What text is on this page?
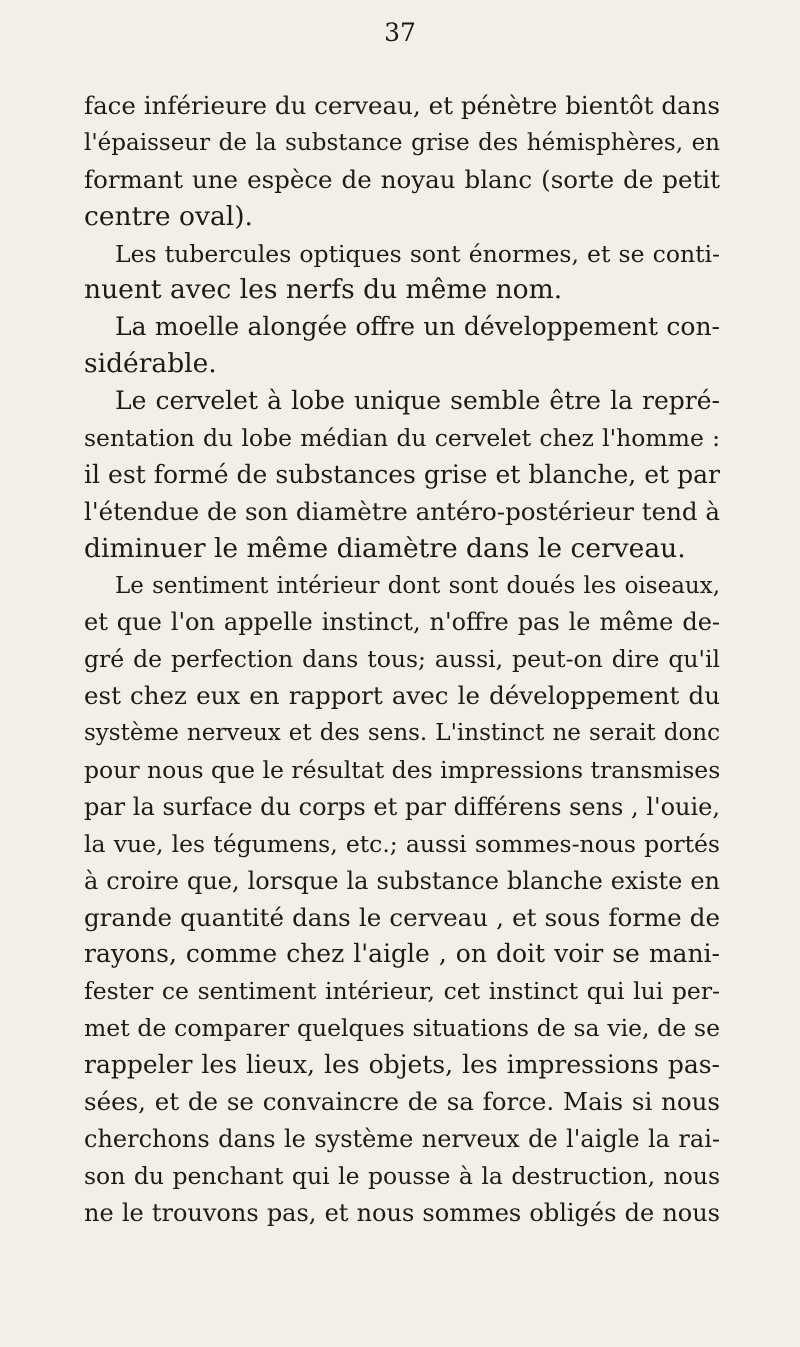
37
face inférieure du cerveau, et pénètre bientôt dans
l'épaisseur de la substance grise des hémisphères, en
formant une espèce de noyau blanc (sorte de petit
centre oval).
Les tubercules optiques sont énormes, et se conti-
nuent avec les nerfs du même nom.
La moelle alongée offre un développement con-
sidérable.
Le cervelet à lobe unique semble être la repré-
sentation du lobe médian du cervelet chez l'homme :
il est formé de substances grise et blanche, et par
l'étendue de son diamètre antéro-postérieur tend à
diminuer le même diamètre dans le cerveau.
Le sentiment intérieur dont sont doués les oiseaux,
et que l'on appelle instinct, n'offre pas le même de-
gré de perfection dans tous; aussi, peut-on dire qu'il
est chez eux en rapport avec le développement du
système nerveux et des sens. L'instinct ne serait donc
pour nous que le résultat des impressions transmises
par la surface du corps et par différens sens , l'ouie,
la vue, les tégumens, etc.; aussi sommes-nous portés
à croire que, lorsque la substance blanche existe en
grande quantité dans le cerveau , et sous forme de
rayons, comme chez l'aigle , on doit voir se mani-
fester ce sentiment intérieur, cet instinct qui lui per-
met de comparer quelques situations de sa vie, de se
rappeler les lieux, les objets, les impressions pas-
sées, et de se convaincre de sa force. Mais si nous
cherchons dans le système nerveux de l'aigle la rai-
son du penchant qui le pousse à la destruction, nous
ne le trouvons pas, et nous sommes obligés de nous
